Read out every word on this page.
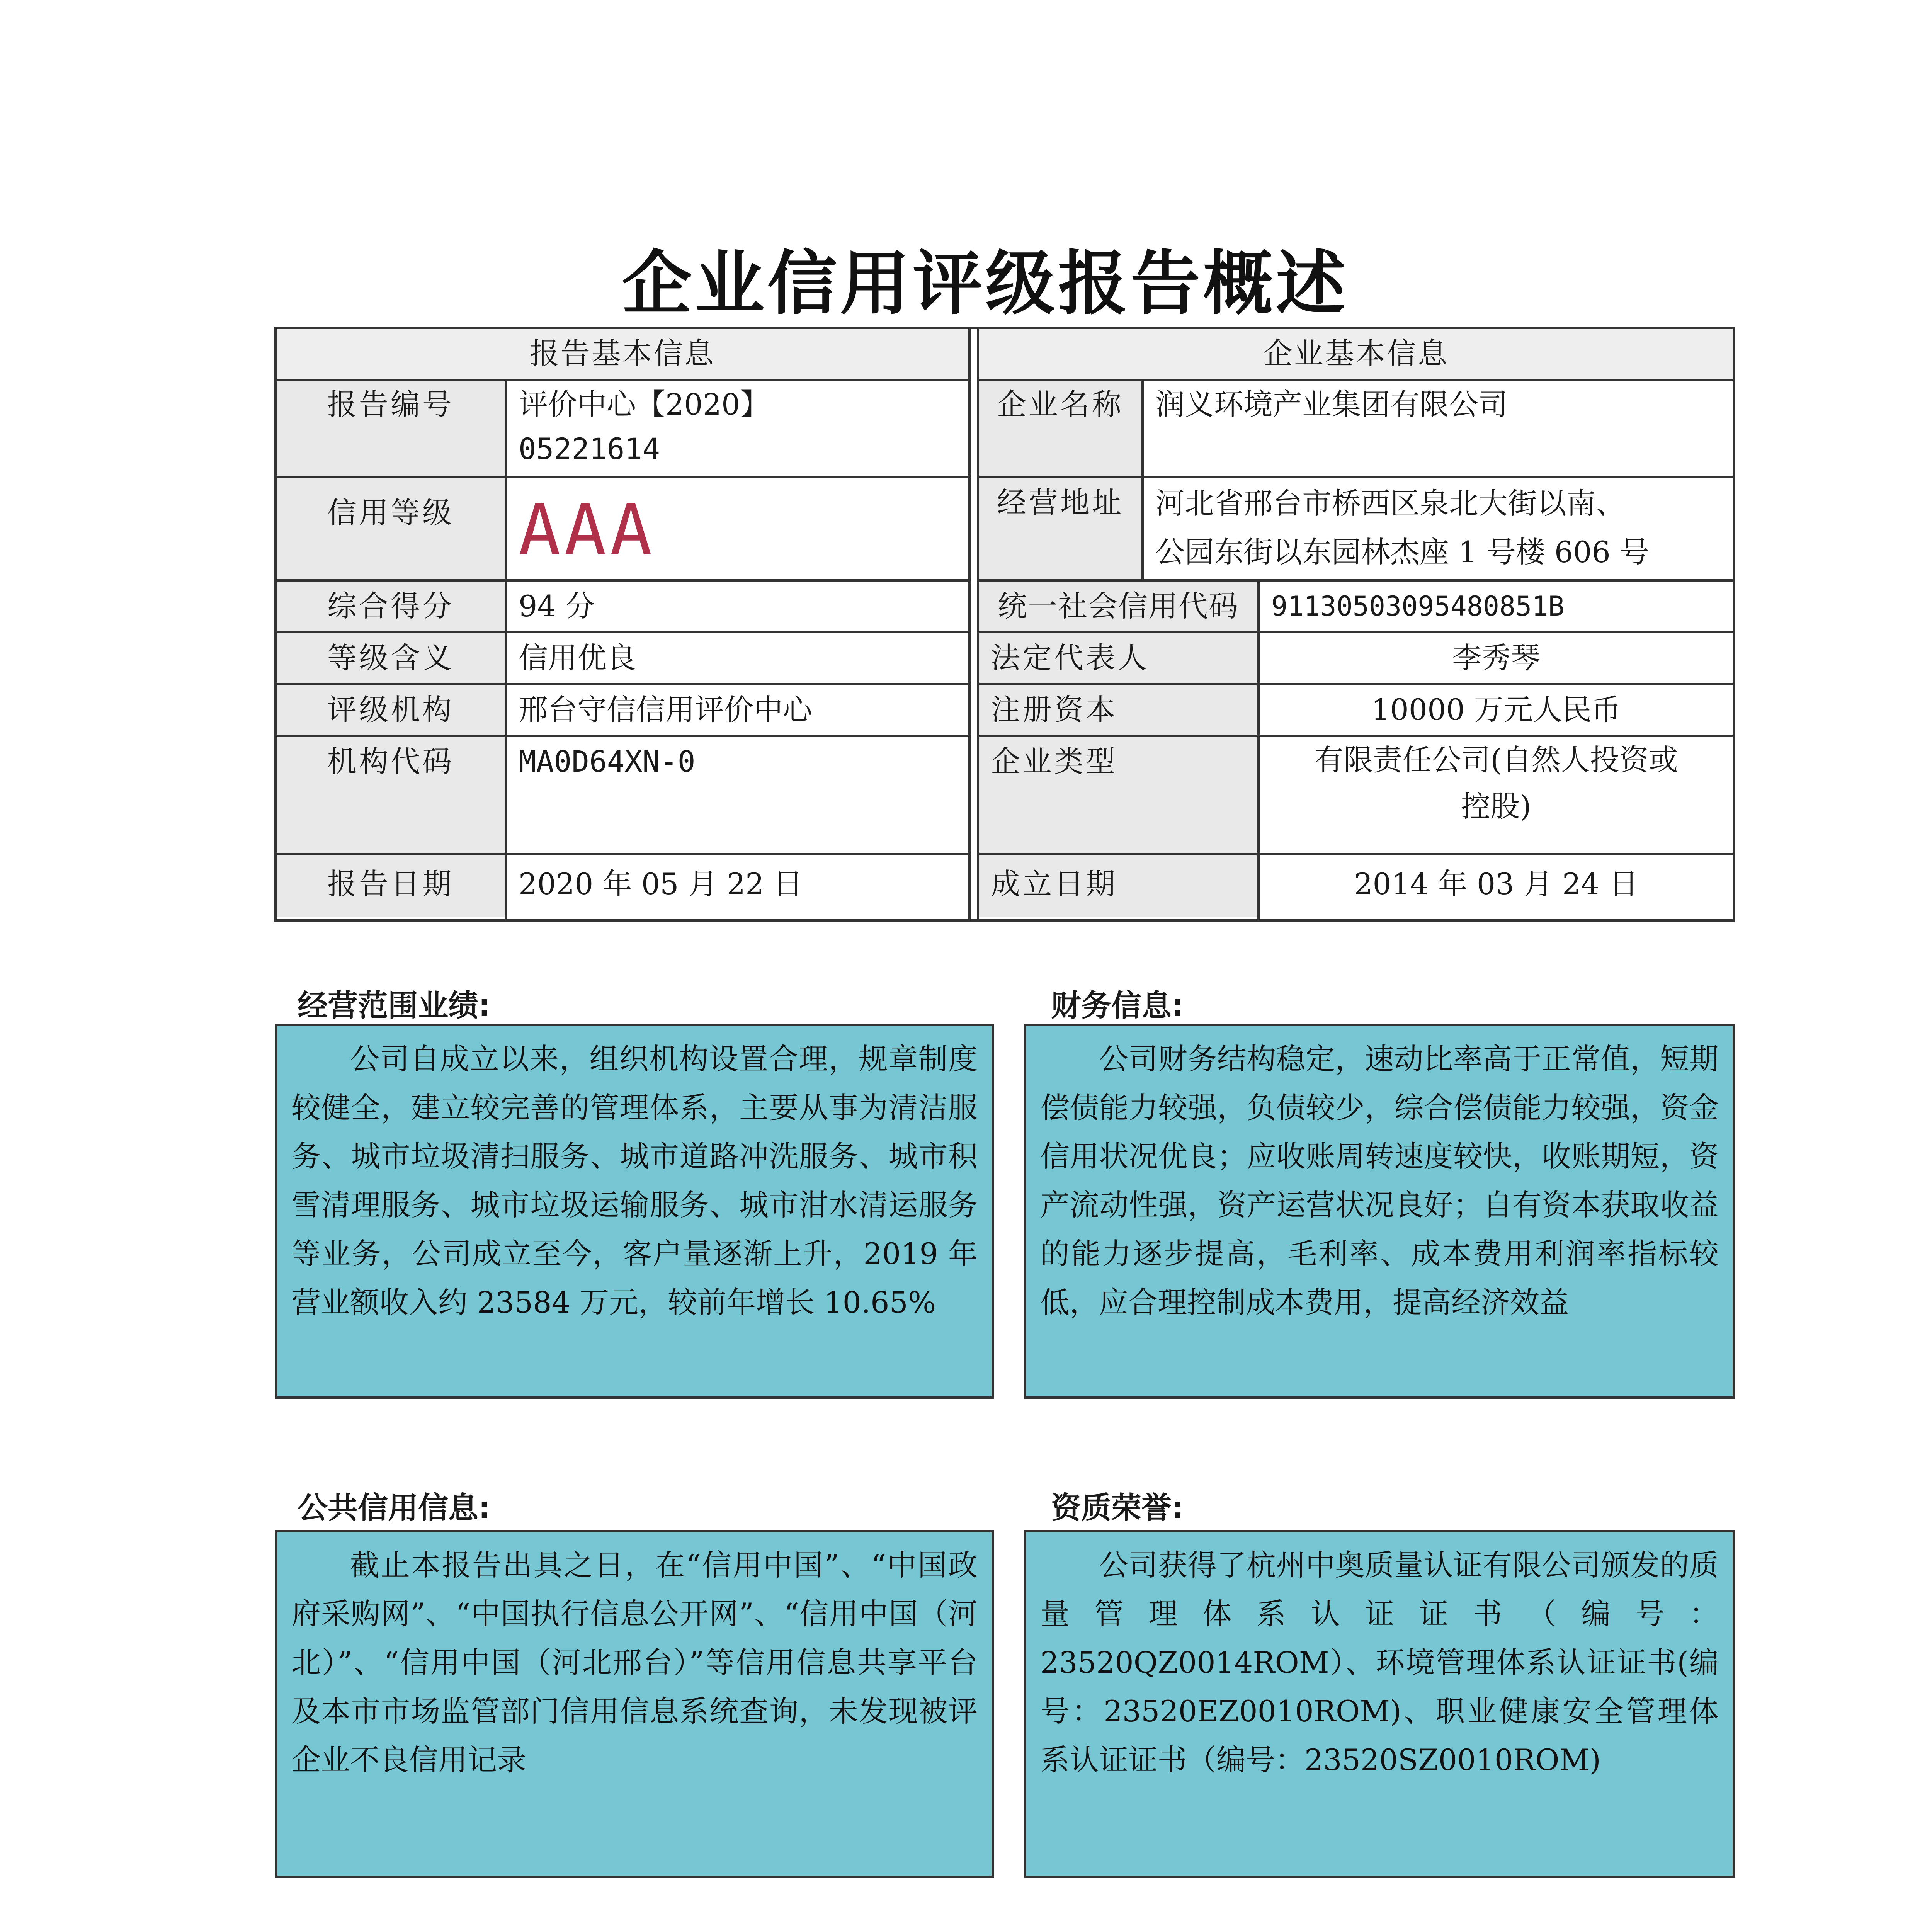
企业信用评级报告概述
报告基本信息
报告编号	评价中心【2020】
05221614
信用等级 AAA
综合得分	94 分
等级含义	信用优良
评级机构	邢台守信信用评价中心
机构代码	MA0D64XN-0
报告日期	2020 年 05 月 22 日
企业基本信息
企业名称	润义环境产业集团有限公司
经营地址	河北省邢台市桥西区泉北大街以南、
公园东街以东园林杰座 1 号楼 606 号
统一社会信用代码	91130503095480851B
法定代表人	李秀琴
注册资本	10000 万元人民币
企业类型	有限责任公司(自然人投资或
控股)
成立日期	2014 年 03 月 24 日
经营范围业绩:
公司自成立以来，组织机构设置合理，规章制度较健全，建立较完善的管理体系，主要从事为清洁服务、城市垃圾清扫服务、城市道路冲洗服务、城市积雪清理服务、城市垃圾运输服务、城市泔水清运服务等业务，公司成立至今，客户量逐渐上升，2019 年营业额收入约 23584 万元，较前年增长 10.65%
财务信息:
公司财务结构稳定，速动比率高于正常值，短期偿债能力较强，负债较少，综合偿债能力较强，资金信用状况优良；应收账周转速度较快，收账期短，资产流动性强，资产运营状况良好；自有资本获取收益的能力逐步提高，毛利率、成本费用利润率指标较低，应合理控制成本费用，提高经济效益
公共信用信息:
截止本报告出具之日，在“信用中国”、“中国政府采购网”、“中国执行信息公开网”、“信用中国（河北）”、“信用中国（河北邢台）”等信用信息共享平台及本市市场监管部门信用信息系统查询，未发现被评企业不良信用记录
资质荣誉:
公司获得了杭州中奥质量认证有限公司颁发的质量管理体系认证证书（编号：23520QZ0014ROM）、环境管理体系认证证书(编号：23520EZ0010ROM)、职业健康安全管理体系认证证书（编号：23520SZ0010ROM)
